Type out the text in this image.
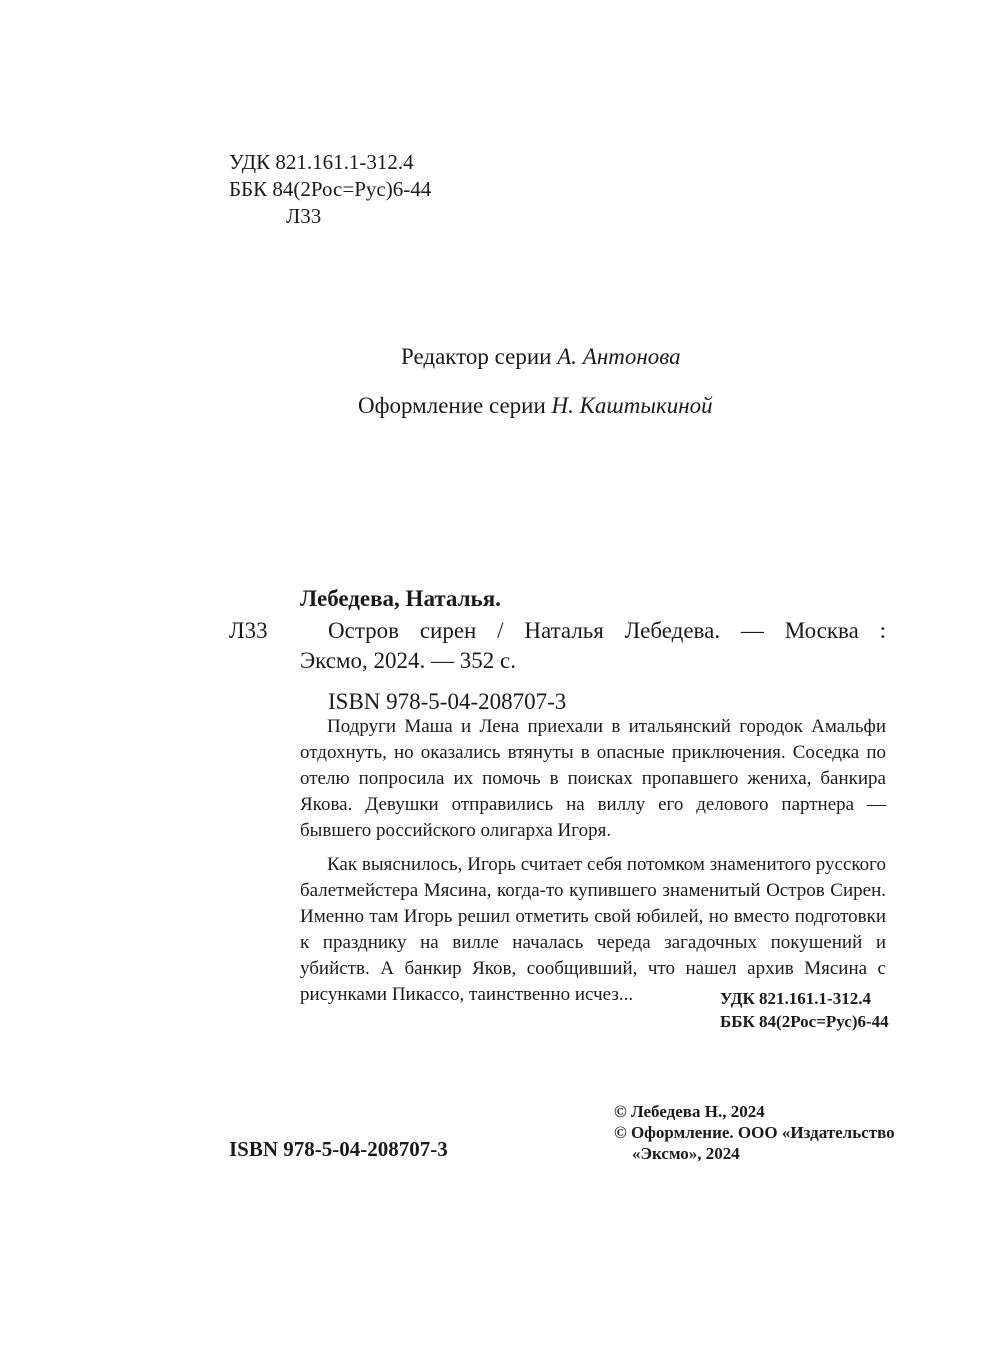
УДК 821.161.1-312.4
ББК 84(2Рос=Рус)6-44
Л33
Редактор серии А. Антонова
Оформление серии Н. Каштыкиной
Лебедева, Наталья.
Л33	Остров сирен / Наталья Лебедева. — Москва :
Эксмо, 2024. — 352 с.
ISBN 978-5-04-208707-3

Подруги Маша и Лена приехали в итальянский городок Амальфи отдохнуть, но оказались втянуты в опасные приключения. Соседка по отелю попросила их помочь в поисках пропавшего жениха, банкира Якова. Девушки отправились на виллу его делового партнера — бывшего российского олигарха Игоря.

Как выяснилось, Игорь считает себя потомком знаменитого русского балетмейстера Мясина, когда-то купившего знаменитый Остров Сирен. Именно там Игорь решил отметить свой юбилей, но вместо подготовки к празднику на вилле началась череда загадочных покушений и убийств. А банкир Яков, сообщивший, что нашел архив Мясина с рисунками Пикассо, таинственно исчез...	УДК 821.161.1-312.4
ББК 84(2Рос=Рус)6-44
ISBN 978-5-04-208707-3
© Лебедева Н., 2024
© Оформление. ООО «Издательство
«Эксмо», 2024
